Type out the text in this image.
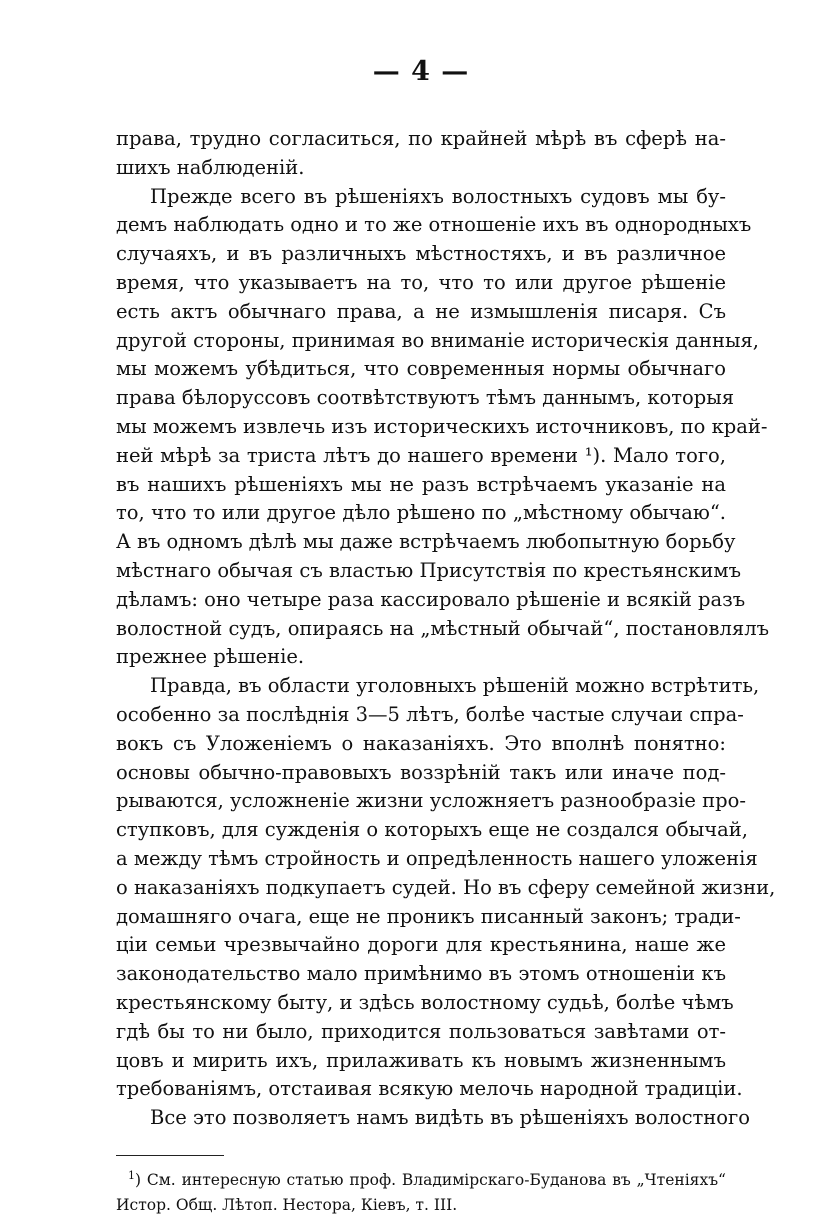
— 4 —
права, трудно согласиться, по крайней мѣрѣ въ сферѣ на-
шихъ наблюденій.
Прежде всего въ рѣшеніяхъ волостныхъ судовъ мы бу-
демъ наблюдать одно и то же отношеніе ихъ въ однородныхъ
случаяхъ, и въ различныхъ мѣстностяхъ, и въ различное
время, что указываетъ на то, что то или другое рѣшеніе
есть актъ обычнаго права, а не измышленія писаря. Съ
другой стороны, принимая во вниманіе историческія данныя,
мы можемъ убѣдиться, что современныя нормы обычнаго
права бѣлоруссовъ соотвѣтствуютъ тѣмъ даннымъ, которыя
мы можемъ извлечь изъ историческихъ источниковъ, по край-
ней мѣрѣ за триста лѣтъ до нашего времени ¹). Мало того,
въ нашихъ рѣшеніяхъ мы не разъ встрѣчаемъ указаніе на
то, что то или другое дѣло рѣшено по „мѣстному обычаю“.
А въ одномъ дѣлѣ мы даже встрѣчаемъ любопытную борьбу
мѣстнаго обычая съ властью Присутствія по крестьянскимъ
дѣламъ: оно четыре раза кассировало рѣшеніе и всякій разъ
волостной судъ, опираясь на „мѣстный обычай“, постановлялъ
прежнее рѣшеніе.
Правда, въ области уголовныхъ рѣшеній можно встрѣтить,
особенно за послѣднія 3—5 лѣтъ, болѣе частые случаи спра-
вокъ съ Уложеніемъ о наказаніяхъ. Это вполнѣ понятно:
основы обычно-правовыхъ воззрѣній такъ или иначе под-
рываются, усложненіе жизни усложняетъ разнообразіе про-
ступковъ, для сужденія о которыхъ еще не создался обычай,
а между тѣмъ стройность и опредѣленность нашего уложенія
о наказаніяхъ подкупаетъ судей. Но въ сферу семейной жизни,
домашняго очага, еще не проникъ писанный законъ; тради-
ціи семьи чрезвычайно дороги для крестьянина, наше же
законодательство мало примѣнимо въ этомъ отношеніи къ
крестьянскому быту, и здѣсь волостному судьѣ, болѣе чѣмъ
гдѣ бы то ни было, приходится пользоваться завѣтами от-
цовъ и мирить ихъ, прилаживать къ новымъ жизненнымъ
требованіямъ, отстаивая всякую мелочь народной традиціи.
Все это позволяетъ намъ видѣть въ рѣшеніяхъ волостного
$^1$) См. интересную статью проф. Владимірскаго-Буданова въ „Чтеніяхъ“
Истор. Общ. Лѣтоп. Нестора, Кіевъ, т. III.
